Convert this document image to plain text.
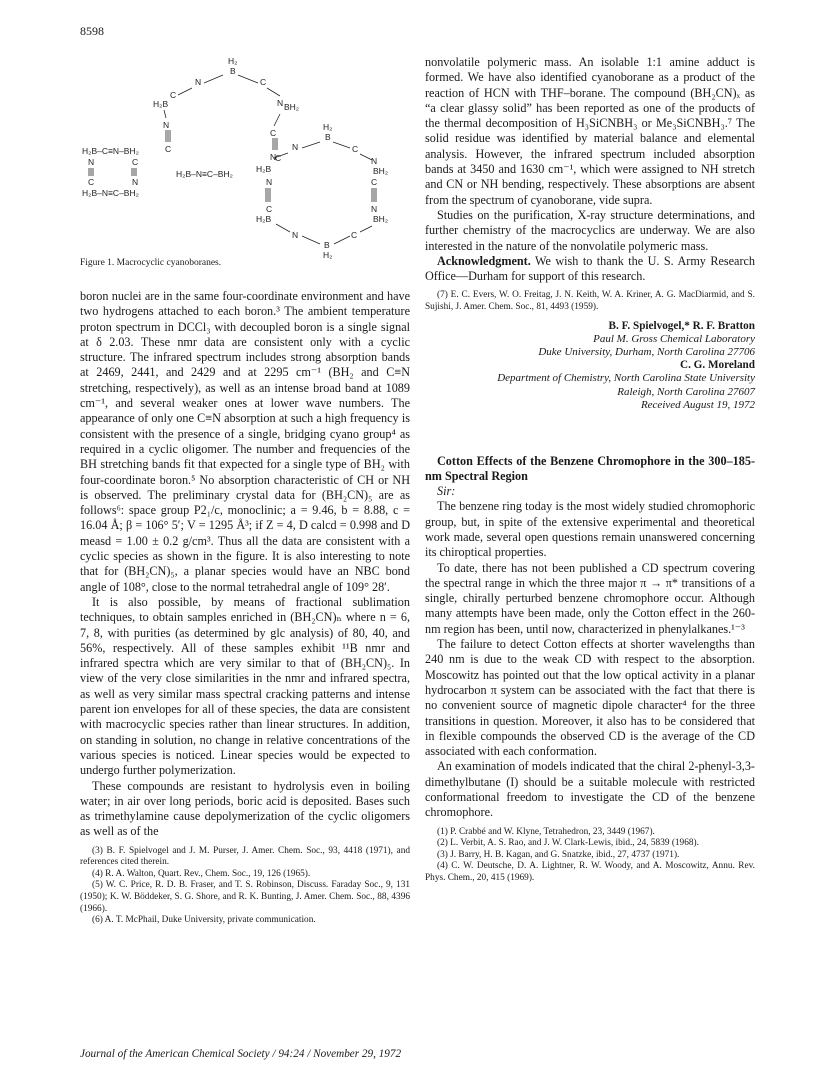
8598
H₂
B
N	C
C
N
H₂B	BH₂
N
C
C
N
H₂B–N≡C–BH₂
H₂B–C≡N–BH₂
N	C
C	N
H₂B–N≡C–BH₂
H₂
B
N	C
C	N
H₂B	BH₂
N
C
C
N
H₂B	BH₂
N	C
B
H₂
Figure 1. Macrocyclic cyanoboranes.

boron nuclei are in the same four-coordinate environment and have two hydrogens attached to each boron.³ The ambient temperature proton spectrum in DCCl₃ with decoupled boron is a single signal at δ 2.03. These nmr data are consistent only with a cyclic structure. The infrared spectrum includes strong absorption bands at 2469, 2441, and 2429 and at 2295 cm⁻¹ (BH₂ and C≡N stretching, respectively), as well as an intense broad band at 1089 cm⁻¹, and several weaker ones at lower wave numbers. The appearance of only one C≡N absorption at such a high frequency is consistent with the presence of a single, bridging cyano group⁴ as required in a cyclic oligomer. The number and frequencies of the BH stretching bands fit that expected for a single type of BH₂ with four-coordinate boron.⁵ No absorption characteristic of CH or NH is observed. The preliminary crystal data for (BH₂CN)₅ are as follows⁶: space group P2₁/c, monoclinic; a = 9.46, b = 8.88, c = 16.04 Å; β = 106° 5′; V = 1295 Å³; if Z = 4, D calcd = 0.998 and D measd = 1.00 ± 0.2 g/cm³. Thus all the data are consistent with a cyclic species as shown in the figure. It is also interesting to note that for (BH₂CN)₅, a planar species would have an NBC bond angle of 108°, close to the normal tetrahedral angle of 109° 28′.

It is also possible, by means of fractional sublimation techniques, to obtain samples enriched in (BH₂CN)ₙ where n = 6, 7, 8, with purities (as determined by glc analysis) of 80, 40, and 56%, respectively. All of these samples exhibit ¹¹B nmr and infrared spectra which are very similar to that of (BH₂CN)₅. In view of the very close similarities in the nmr and infrared spectra, as well as very similar mass spectral cracking patterns and intense parent ion envelopes for all of these species, the data are consistent with macrocyclic species rather than linear structures. In addition, on standing in solution, no change in relative concentrations of the various species is noticed. Linear species would be expected to undergo further polymerization.

These compounds are resistant to hydrolysis even in boiling water; in air over long periods, boric acid is deposited. Bases such as trimethylamine cause depolymerization of the cyclic oligomers as well as of the

(3) B. F. Spielvogel and J. M. Purser, J. Amer. Chem. Soc., 93, 4418 (1971), and references cited therein.

(4) R. A. Walton, Quart. Rev., Chem. Soc., 19, 126 (1965).

(5) W. C. Price, R. D. B. Fraser, and T. S. Robinson, Discuss. Faraday Soc., 9, 131 (1950); K. W. Böddeker, S. G. Shore, and R. K. Bunting, J. Amer. Chem. Soc., 88, 4396 (1966).

(6) A. T. McPhail, Duke University, private communication.

nonvolatile polymeric mass. An isolable 1:1 amine adduct is formed. We have also identified cyanoborane as a product of the reaction of HCN with THF–borane. The compound (BH₂CN)ₓ as “a clear glassy solid” has been reported as one of the products of the thermal decomposition of H₃SiCNBH₃ or Me₃SiCNBH₃.⁷ The solid residue was identified by material balance and elemental analysis. However, the infrared spectrum included absorption bands at 3450 and 1630 cm⁻¹, which were assigned to NH stretch and CN or NH bending, respectively. These absorptions are absent from the spectrum of cyanoborane, vide supra.

Studies on the purification, X-ray structure determinations, and further chemistry of the macrocyclics are underway. We are also interested in the nature of the nonvolatile polymeric mass.

Acknowledgment. We wish to thank the U. S. Army Research Office—Durham for support of this research.

(7) E. C. Evers, W. O. Freitag, J. N. Keith, W. A. Kriner, A. G. MacDiarmid, and S. Sujishi, J. Amer. Chem. Soc., 81, 4493 (1959).

B. F. Spielvogel,* R. F. Bratton

Paul M. Gross Chemical Laboratory

Duke University, Durham, North Carolina 27706

C. G. Moreland

Department of Chemistry, North Carolina State University

Raleigh, North Carolina 27607

Received August 19, 1972

Cotton Effects of the Benzene Chromophore in the 300–185-nm Spectral Region

Sir:

The benzene ring today is the most widely studied chromophoric group, but, in spite of the extensive experimental and theoretical work made, several open questions remain unanswered concerning its chiroptical properties.

To date, there has not been published a CD spectrum covering the spectral range in which the three major π → π* transitions of a single, chirally perturbed benzene chromophore occur. Although many attempts have been made, only the Cotton effect in the 260-nm region has been, until now, characterized in phenylalkanes.¹⁻³

The failure to detect Cotton effects at shorter wavelengths than 240 nm is due to the weak CD with respect to the absorption. Moscowitz has pointed out that the low optical activity in a planar hydrocarbon π system can be associated with the fact that there is no convenient source of magnetic dipole character⁴ for the three transitions in question. Moreover, it also has to be considered that in flexible compounds the observed CD is the average of the CD associated with each conformation.

An examination of models indicated that the chiral 2-phenyl-3,3-dimethylbutane (I) should be a suitable molecule with restricted conformational freedom to investigate the CD of the benzene chromophore.

(1) P. Crabbé and W. Klyne, Tetrahedron, 23, 3449 (1967).

(2) L. Verbit, A. S. Rao, and J. W. Clark-Lewis, ibid., 24, 5839 (1968).

(3) J. Barry, H. B. Kagan, and G. Snatzke, ibid., 27, 4737 (1971).

(4) C. W. Deutsche, D. A. Lightner, R. W. Woody, and A. Moscowitz, Annu. Rev. Phys. Chem., 20, 415 (1969).

Journal of the American Chemical Society / 94:24 / November 29, 1972
